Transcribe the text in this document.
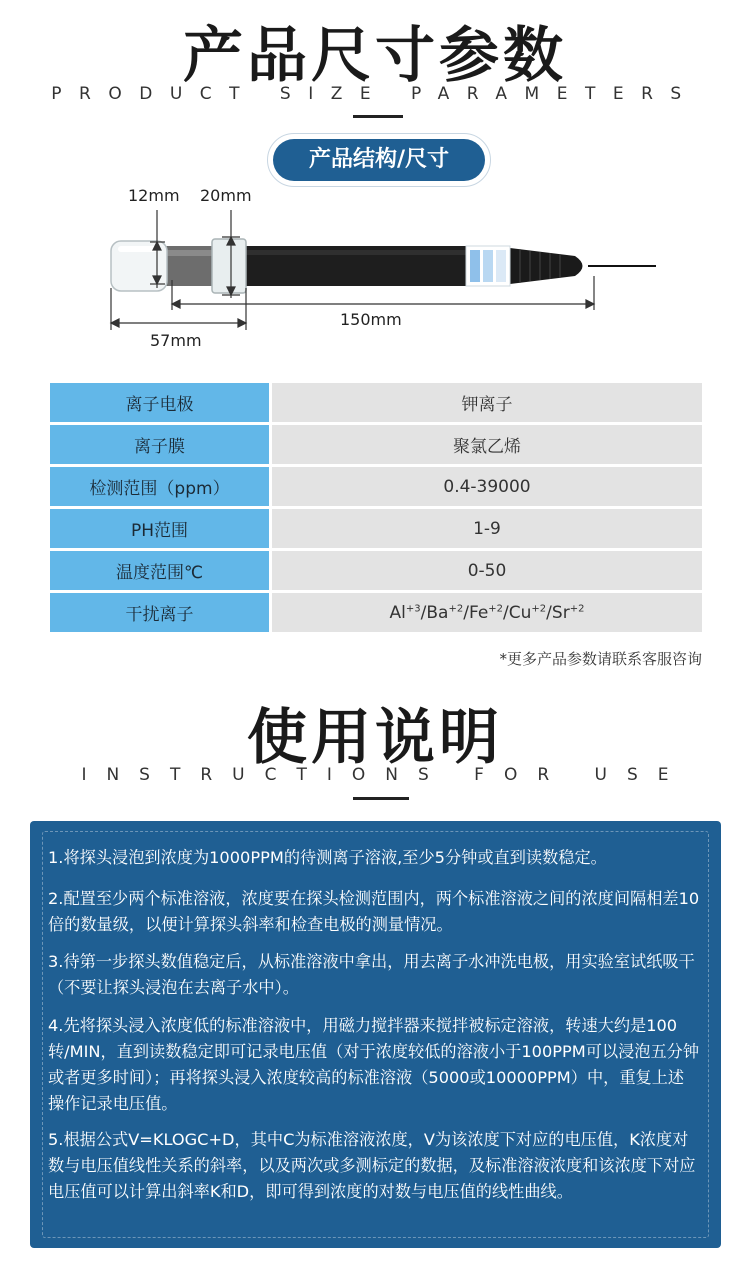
产品尺寸参数
PRODUCT SIZE PARAMETERS
产品结构/尺寸
12mm 20mm
57mm
150mm
离子电极	钾离子
离子膜	聚氯乙烯
检测范围（ppm）	0.4-39000
PH范围	1-9
温度范围℃	0-50
干扰离子	$Al^{+3}/Ba^{+2}/Fe^{+2}/Cu^{+2}/Sr^{+2}$
*更多产品参数请联系客服咨询
使用说明
INSTRUCTIONS FOR USE
1.将探头浸泡到浓度为1000PPM的待测离子溶液,至少5分钟或直到读数稳定。
2.配置至少两个标准溶液，浓度要在探头检测范围内，两个标准溶液之间的浓度间隔相差10倍的数量级，以便计算探头斜率和检查电极的测量情况。
3.待第一步探头数值稳定后，从标准溶液中拿出，用去离子水冲洗电极，用实验室试纸吸干（不要让探头浸泡在去离子水中）。
4.先将探头浸入浓度低的标准溶液中，用磁力搅拌器来搅拌被标定溶液，转速大约是100转/MIN，直到读数稳定即可记录电压值（对于浓度较低的溶液小于100PPM可以浸泡五分钟或者更多时间）；再将探头浸入浓度较高的标准溶液（5000或10000PPM）中，重复上述操作记录电压值。
5.根据公式V=KLOGC+D，其中C为标准溶液浓度，V为该浓度下对应的电压值，K浓度对数与电压值线性关系的斜率，以及两次或多测标定的数据，及标准溶液浓度和该浓度下对应电压值可以计算出斜率K和D，即可得到浓度的对数与电压值的线性曲线。
